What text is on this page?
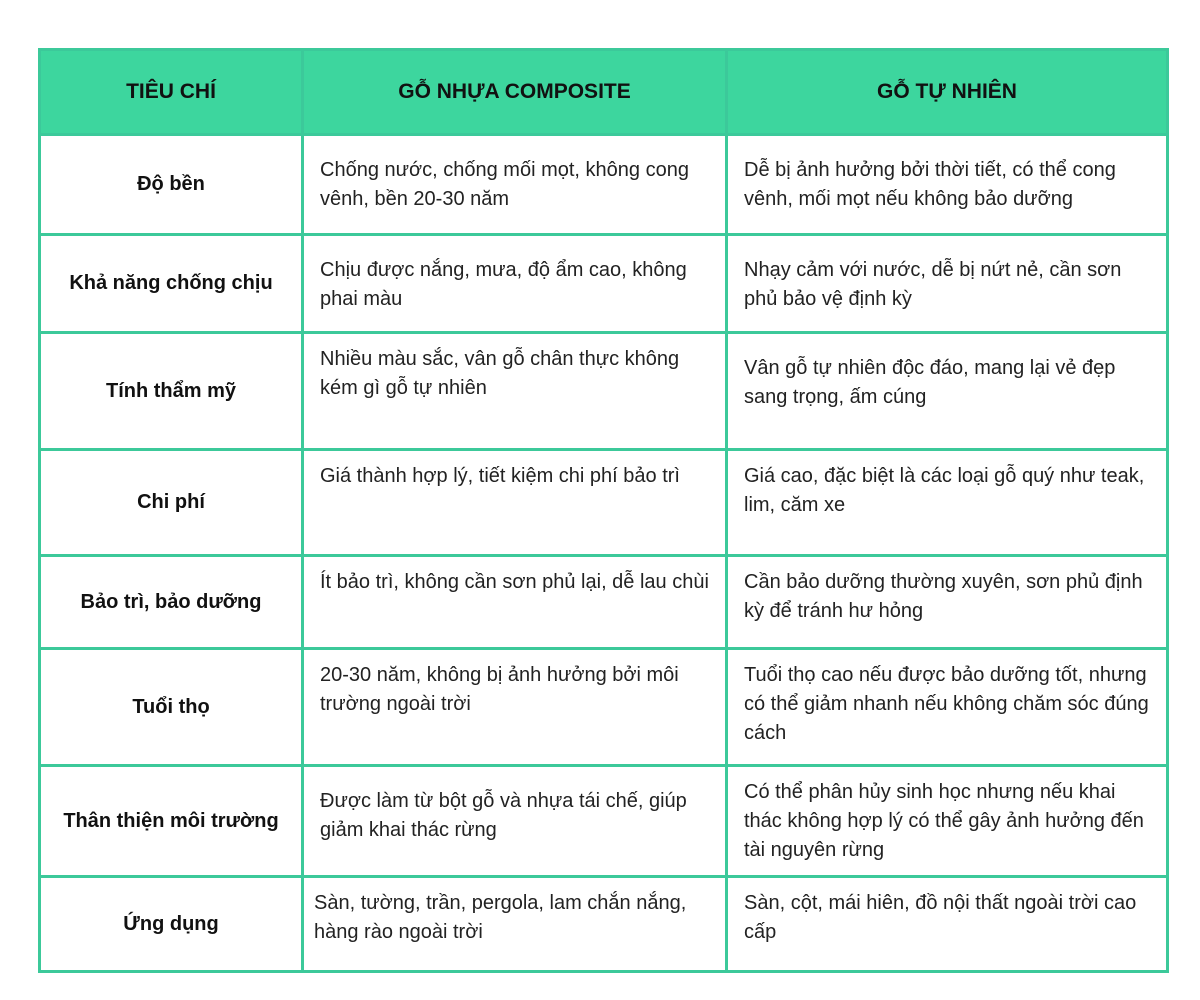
TIÊU CHÍ	GỖ NHỰA COMPOSITE	GỖ TỰ NHIÊN
Độ bền	Chống nước, chống mối mọt, không cong vênh, bền 20-30 năm	Dễ bị ảnh hưởng bởi thời tiết, có thể cong vênh, mối mọt nếu không bảo dưỡng
Khả năng chống chịu	Chịu được nắng, mưa, độ ẩm cao, không phai màu	Nhạy cảm với nước, dễ bị nứt nẻ, cần sơn phủ bảo vệ định kỳ
Tính thẩm mỹ	Nhiều màu sắc, vân gỗ chân thực không kém gì gỗ tự nhiên	Vân gỗ tự nhiên độc đáo, mang lại vẻ đẹp sang trọng, ấm cúng
Chi phí	Giá thành hợp lý, tiết kiệm chi phí bảo trì	Giá cao, đặc biệt là các loại gỗ quý như teak, lim, căm xe
Bảo trì, bảo dưỡng	Ít bảo trì, không cần sơn phủ lại, dễ lau chùi	Cần bảo dưỡng thường xuyên, sơn phủ định kỳ để tránh hư hỏng
Tuổi thọ	20-30 năm, không bị ảnh hưởng bởi môi trường ngoài trời	Tuổi thọ cao nếu được bảo dưỡng tốt, nhưng có thể giảm nhanh nếu không chăm sóc đúng cách
Thân thiện môi trường	Được làm từ bột gỗ và nhựa tái chế, giúp giảm khai thác rừng	Có thể phân hủy sinh học nhưng nếu khai thác không hợp lý có thể gây ảnh hưởng đến tài nguyên rừng
Ứng dụng	Sàn, tường, trần, pergola, lam chắn nắng, hàng rào ngoài trời	Sàn, cột, mái hiên, đồ nội thất ngoài trời cao cấp
